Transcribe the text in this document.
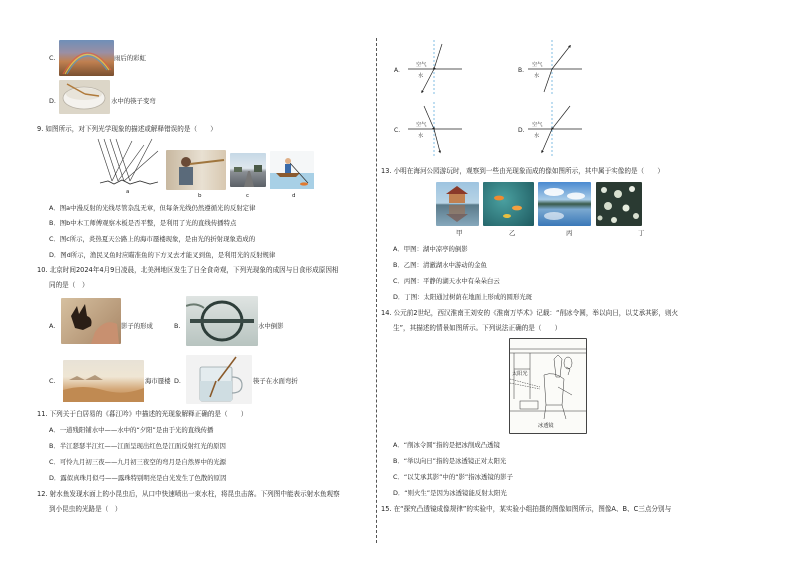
C.	雨后的彩虹
D.	水中的筷子变弯
9. 如图所示，对下列光学现象的描述或解释错误的是（　　）
a
b	c	d
A．图a中漫反射的光线尽管杂乱无章，但每条光线仍然遵循光的反射定律
B．图b中木工师傅观察木板是否平整，是利用了光的直线传播特点
C．图c所示，炎热夏天公路上的海市蜃楼现象，是由光的折射现象造成的
D．图d所示，渔民叉鱼时应瞄准鱼的下方叉去才能叉到鱼，是利用光的反射规律
10. 北京时间2024年4月9日凌晨，北美洲地区发生了日全食奇观，下列光现象的成因与日食形成原因相
同的是（　）
A.	影子的形成	B.	水中倒影
C.	海市蜃楼 D.	筷子在水面弯折
11. 下列关于白居易的《暮江吟》中描述的光现象解释正确的是（　　）
A．一道残阳铺水中——水中的“夕阳”是由于光的直线传播
B．半江瑟瑟半江红——江面呈现出红色是江面反射红光的原因
C．可怜九月初三夜——九月初三夜空的弯月是自然界中的光源
D．露似真珠月似弓——露珠特别明亮是白光发生了色散的原因
12. 射水鱼发现水面上的小昆虫后，从口中快速喷出一束水柱，将昆虫击落。下列图中能表示射水鱼观察
到小昆虫的光路是（　）
A.
空气
水
B.
空气
水
C.
空气
水
D.
空气
水
13. 小明在海河公园游玩时，观察到一些由光现象而成的像如图所示，其中属于实像的是（　　）
甲	乙	丙	丁
A．甲图：湖中凉亭的倒影
B．乙图：清澈湖水中游动的金鱼
C．丙图：平静的湖天水中有朵朵白云
D．丁图：太阳通过树荫在地面上形成的圆形光斑
14. 公元前2世纪，西汉淮南王刘安的《淮南万毕术》记载：“削冰令圆，举以向日，以艾承其影，则火
生”，其描述的情景如图所示。下列说法正确的是（　　）
太阳光
冰透镜
A．“削冰令圆”指的是把冰削成凸透镜
B．“举以向日”指的是冰透镜正对太阳光
C．“以艾承其影”中的“影”指冰透镜的影子
D．“则火生”是因为冰透镜能反射太阳光
15. 在“探究凸透镜成像规律”的实验中，某实验小组拍摄的图像如图所示，图像A、B、C三点分别与
